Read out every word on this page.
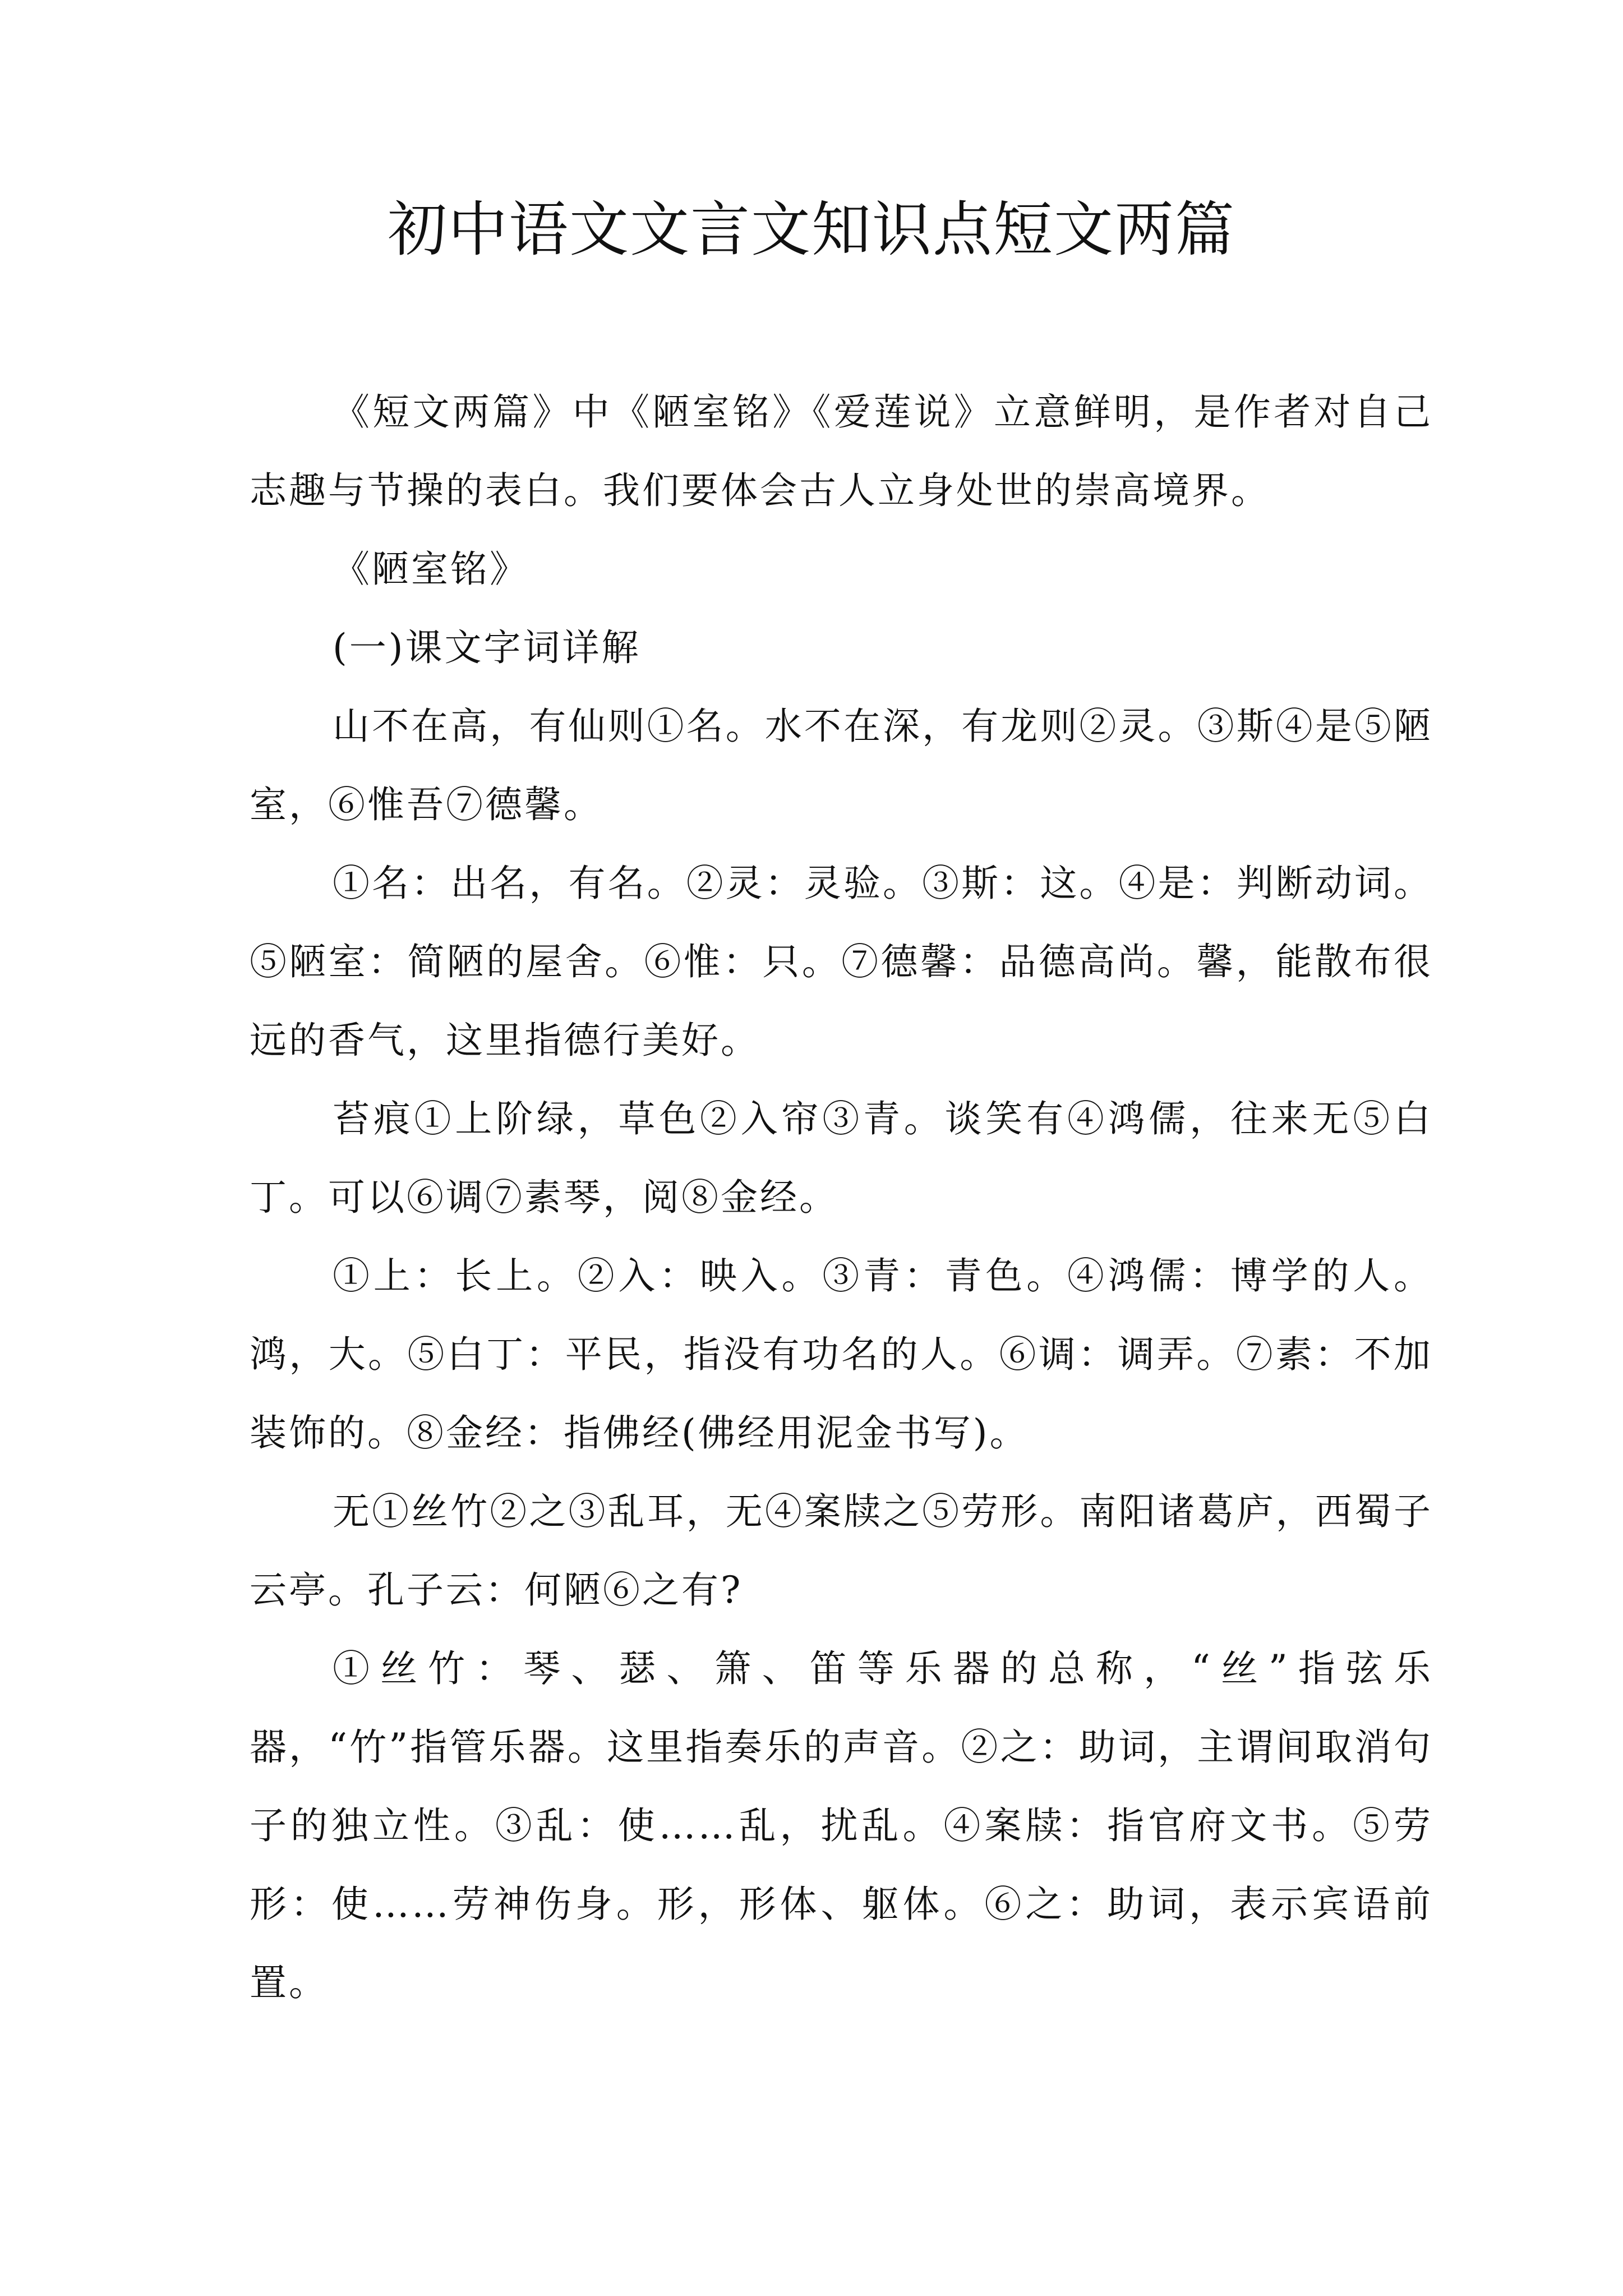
初中语文文言文知识点短文两篇

《短文两篇》中《陋室铭》《爱莲说》立意鲜明，是作者对自己志趣与节操的表白。我们要体会古人立身处世的崇高境界。

《陋室铭》

(一)课文字词详解

山不在高，有仙则①名。水不在深，有龙则②灵。③斯④是⑤陋室，⑥惟吾⑦德馨。

①名：出名，有名。②灵：灵验。③斯：这。④是：判断动词。⑤陋室：简陋的屋舍。⑥惟：只。⑦德馨：品德高尚。馨，能散布很远的香气，这里指德行美好。

苔痕①上阶绿，草色②入帘③青。谈笑有④鸿儒，往来无⑤白丁。可以⑥调⑦素琴，阅⑧金经。

①上：长上。②入：映入。③青：青色。④鸿儒：博学的人。鸿，大。⑤白丁：平民，指没有功名的人。⑥调：调弄。⑦素：不加装饰的。⑧金经：指佛经(佛经用泥金书写)。

无①丝竹②之③乱耳，无④案牍之⑤劳形。南阳诸葛庐，西蜀子云亭。孔子云：何陋⑥之有?

①丝竹：琴、瑟、箫、笛等乐器的总称，“丝”指弦乐器，“竹”指管乐器。这里指奏乐的声音。②之：助词，主谓间取消句子的独立性。③乱：使……乱，扰乱。④案牍：指官府文书。⑤劳形：使……劳神伤身。形，形体、躯体。⑥之：助词，表示宾语前置。
